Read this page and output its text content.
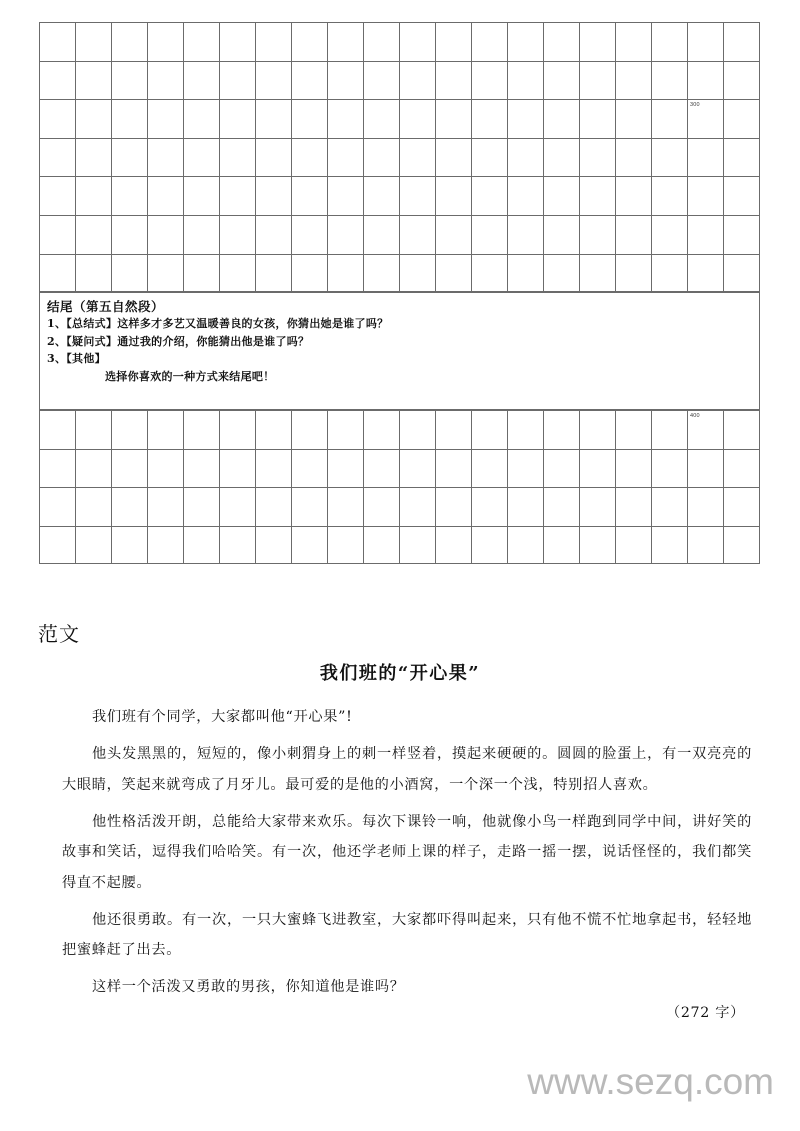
300
结尾（第五自然段）
1、【总结式】这样多才多艺又温暖善良的女孩，你猜出她是谁了吗？
2、【疑问式】通过我的介绍，你能猜出他是谁了吗？
3、【其他】
选择你喜欢的一种方式来结尾吧！
400
范文
我们班的“开心果”

我们班有个同学，大家都叫他“开心果”!

他头发黑黑的，短短的，像小刺猬身上的刺一样竖着，摸起来硬硬的。圆圆的脸蛋上，有一双亮亮的大眼睛，笑起来就弯成了月牙儿。最可爱的是他的小酒窝，一个深一个浅，特别招人喜欢。

他性格活泼开朗，总能给大家带来欢乐。每次下课铃一响，他就像小鸟一样跑到同学中间，讲好笑的故事和笑话，逗得我们哈哈笑。有一次，他还学老师上课的样子，走路一摇一摆，说话怪怪的，我们都笑得直不起腰。

他还很勇敢。有一次，一只大蜜蜂飞进教室，大家都吓得叫起来，只有他不慌不忙地拿起书，轻轻地把蜜蜂赶了出去。

这样一个活泼又勇敢的男孩，你知道他是谁吗？

（272 字）
www.sezq.com
